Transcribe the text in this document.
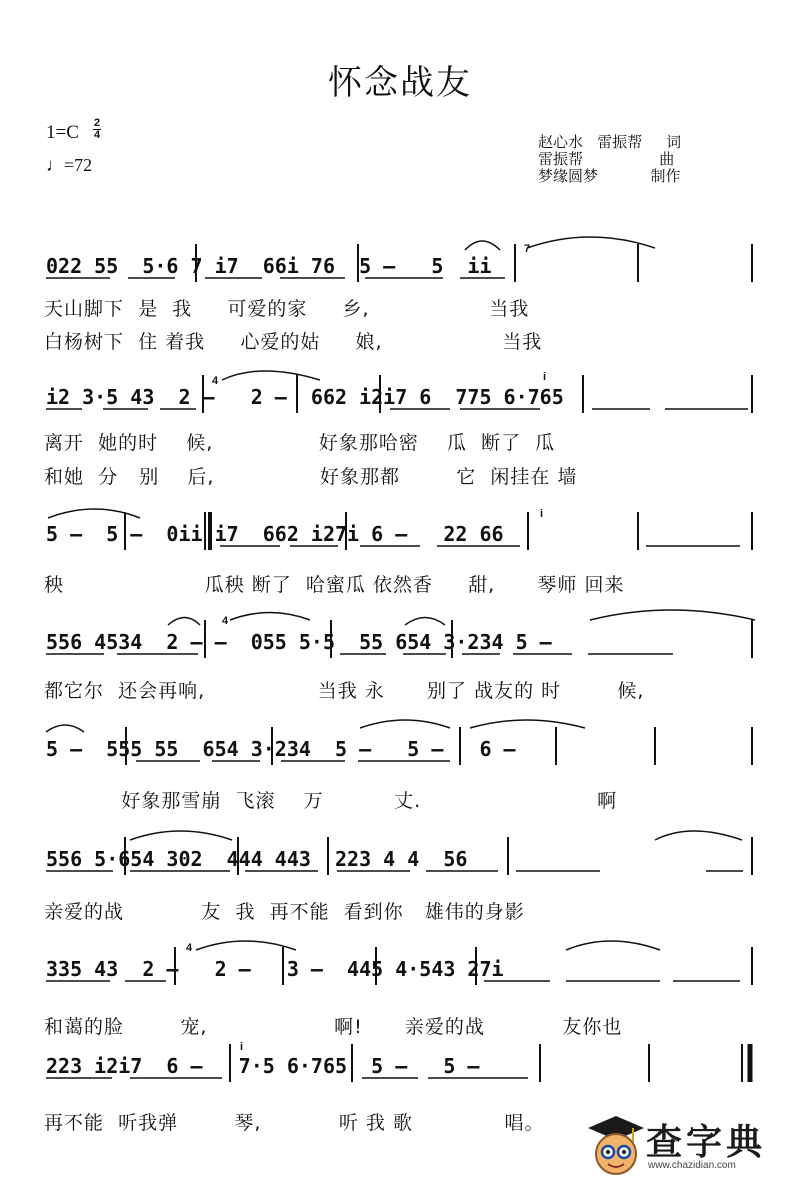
怀念战友
1=C 2
4
♩=72
赵心水   雷振帮     词
雷振帮                曲
梦缘圆梦           制作
022 55  5·6 7 i7  66i 76  5 –   5  ii
i2 3·5 43  2 –   2 –  662 i2i7 6  775 6·765
5 –  5 –  0ii i7  662 i27i 6 –   22 66
556 4534  2 – –  055 5·5  55 654 3·234 5 –
5 –  555 55  654 3·234  5 –   5 –   6 –
556 5·654 302  444 443  223 4 4  56
335 43  2 –   2 –   3 –  445 4·543 27i
223 i2i7  6 –   7·5 6·765  5 –   5 –
天山脚下  是  我     可爱的家     乡,                 当我
白杨树下  住 着我     心爱的姑     娘,                 当我
离开  她的时    候,               好象那哈密    瓜  断了  瓜
和她  分   别    后,               好象那都        它  闲挂在 墙
秧                    瓜秧 断了  哈蜜瓜 依然香     甜,      琴师 回来
都它尔  还会再响,                当我 永      别了 战友的 时        候,
好象那雪崩  飞滚    万          丈.                         啊
亲爱的战           友  我  再不能  看到你   雄伟的身影
和蔼的脸        宠,                  啊!      亲爱的战           友你也
再不能  听我弹        琴,           听 我 歌             唱。
7
4	i
i
4
4
i
查字典
www.chazidian.com
